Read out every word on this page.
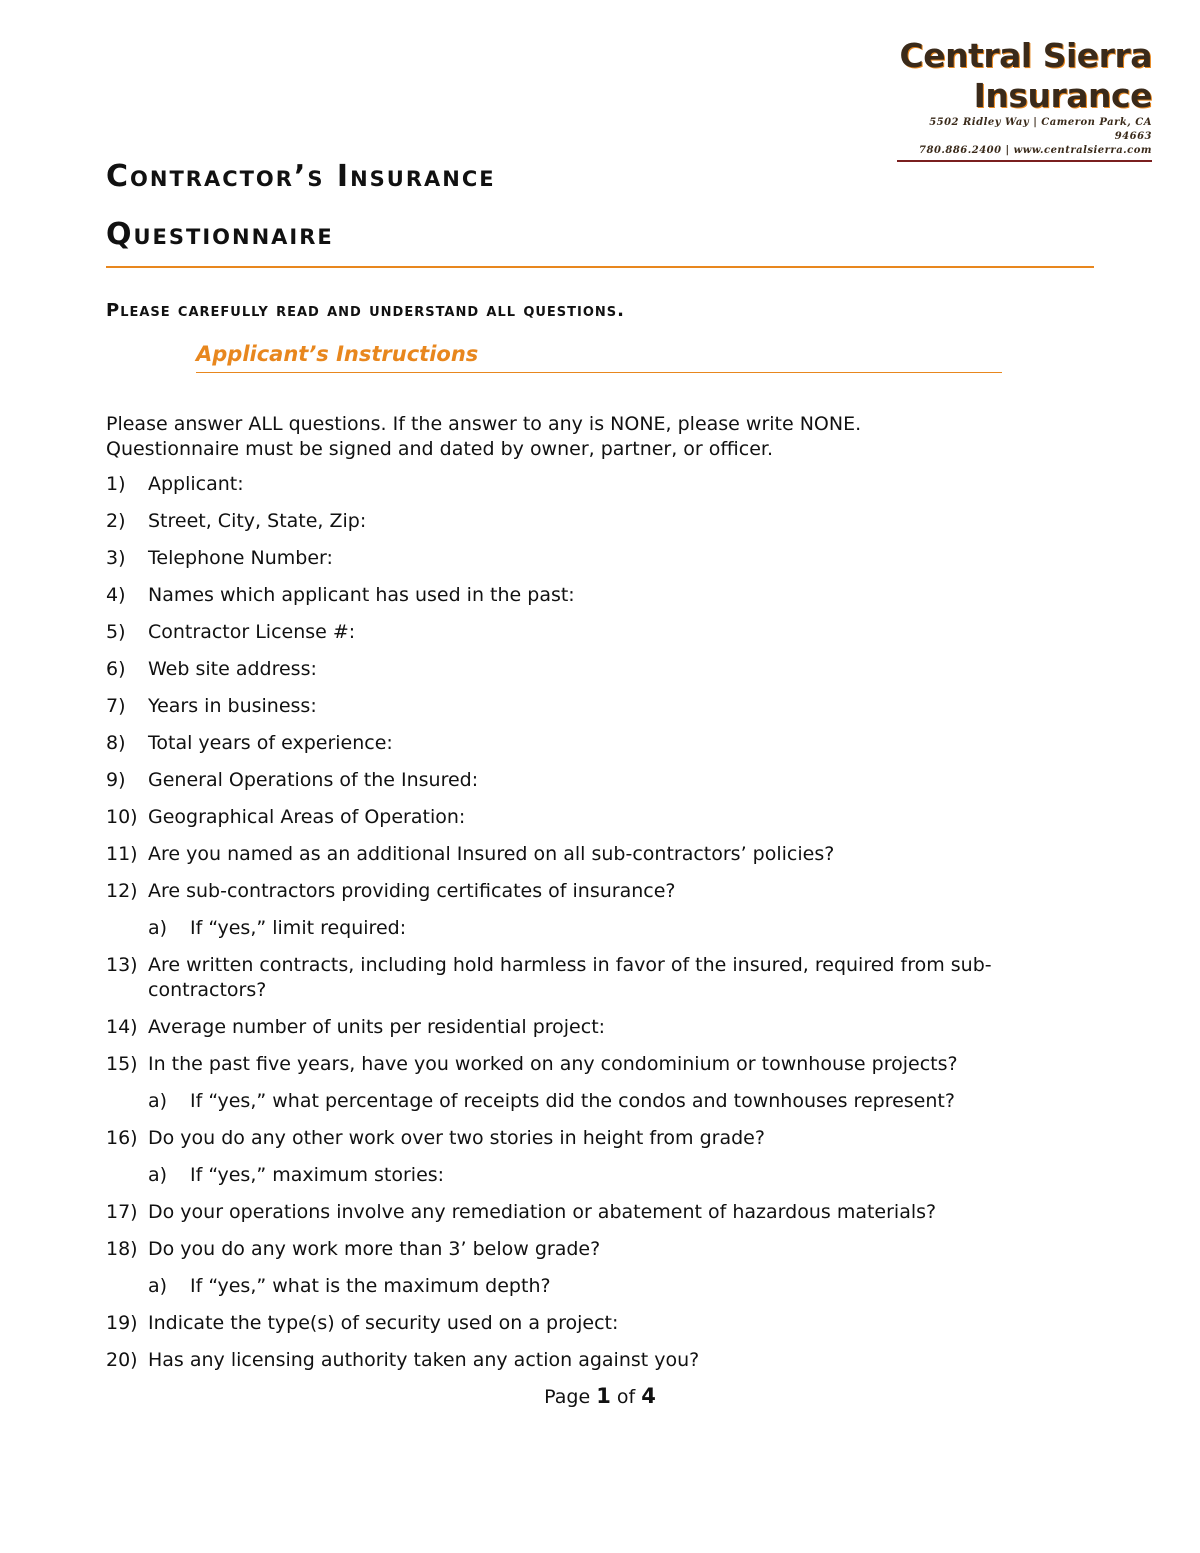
Central Sierra Insurance
5502 Ridley Way | Cameron Park, CA 94663
780.886.2400 | www.centralsierra.com
Contractor’s Insurance
Questionnaire
Please carefully read and understand all questions.
Applicant’s Instructions
Please answer ALL questions. If the answer to any is NONE, please write NONE.
Questionnaire must be signed and dated by owner, partner, or officer.
1)	Applicant:
2)	Street, City, State, Zip:
3)	Telephone Number:
4)	Names which applicant has used in the past:
5)	Contractor License #:
6)	Web site address:
7)	Years in business:
8)	Total years of experience:
9)	General Operations of the Insured:
10) Geographical Areas of Operation:
11) Are you named as an additional Insured on all sub-contractors’ policies?
12) Are sub-contractors providing certificates of insurance?
a)	If “yes,” limit required:
13) Are written contracts, including hold harmless in favor of the insured, required from sub-contractors?
14) Average number of units per residential project:
15) In the past five years, have you worked on any condominium or townhouse projects?
a)	If “yes,” what percentage of receipts did the condos and townhouses represent?
16) Do you do any other work over two stories in height from grade?
a)	If “yes,” maximum stories:
17) Do your operations involve any remediation or abatement of hazardous materials?
18) Do you do any work more than 3’ below grade?
a)	If “yes,” what is the maximum depth?
19) Indicate the type(s) of security used on a project:
20) Has any licensing authority taken any action against you?
Page 1 of 4
